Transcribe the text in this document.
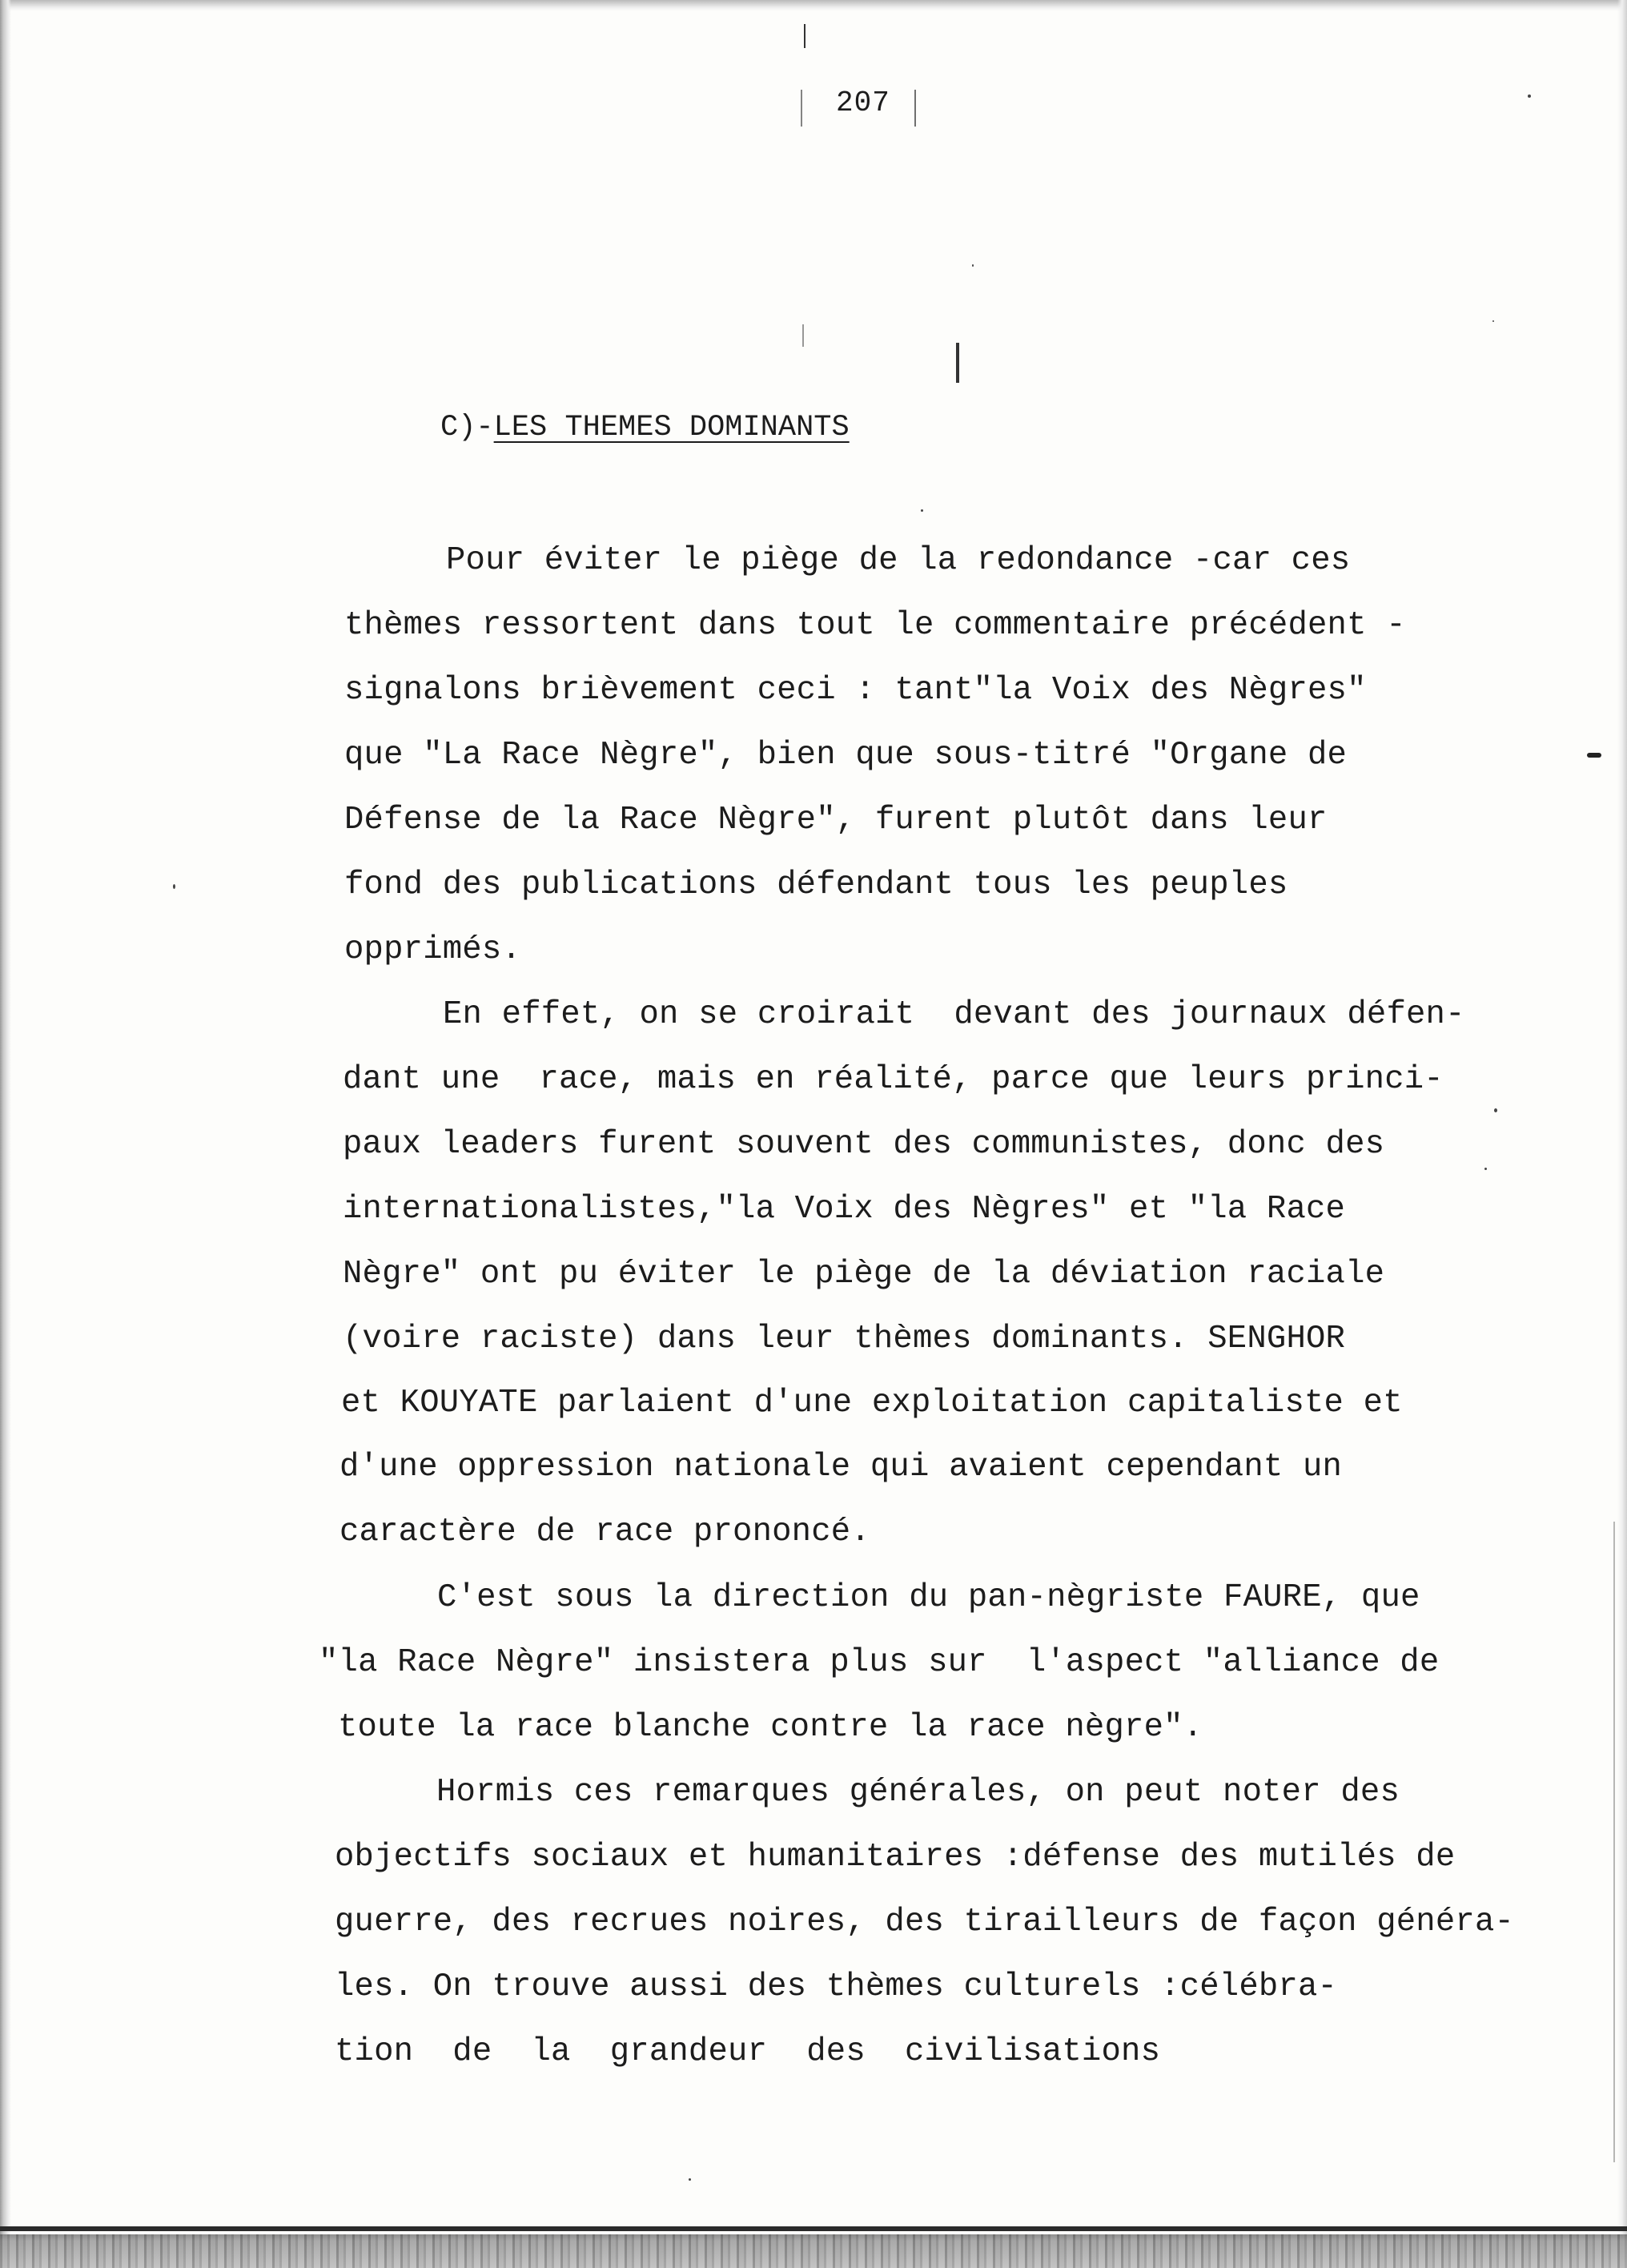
207
C)-LES THEMES DOMINANTS
Pour éviter le piège de la redondance -car ces
thèmes ressortent dans tout le commentaire précédent -
signalons brièvement ceci : tant"la Voix des Nègres"
que "La Race Nègre", bien que sous-titré "Organe de
Défense de la Race Nègre", furent plutôt dans leur
fond des publications défendant tous les peuples
opprimés.
En effet, on se croirait  devant des journaux défen-
dant une  race, mais en réalité, parce que leurs princi-
paux leaders furent souvent des communistes, donc des
internationalistes,"la Voix des Nègres" et "la Race
Nègre" ont pu éviter le piège de la déviation raciale
(voire raciste) dans leur thèmes dominants. SENGHOR
et KOUYATE parlaient d'une exploitation capitaliste et
d'une oppression nationale qui avaient cependant un
caractère de race prononcé.
C'est sous la direction du pan-nègriste FAURE, que
"la Race Nègre" insistera plus sur  l'aspect "alliance de
toute la race blanche contre la race nègre".
Hormis ces remarques générales, on peut noter des
objectifs sociaux et humanitaires :défense des mutilés de
guerre, des recrues noires, des tirailleurs de façon généra-
les. On trouve aussi des thèmes culturels :célébra-
tion  de  la  grandeur  des  civilisations
